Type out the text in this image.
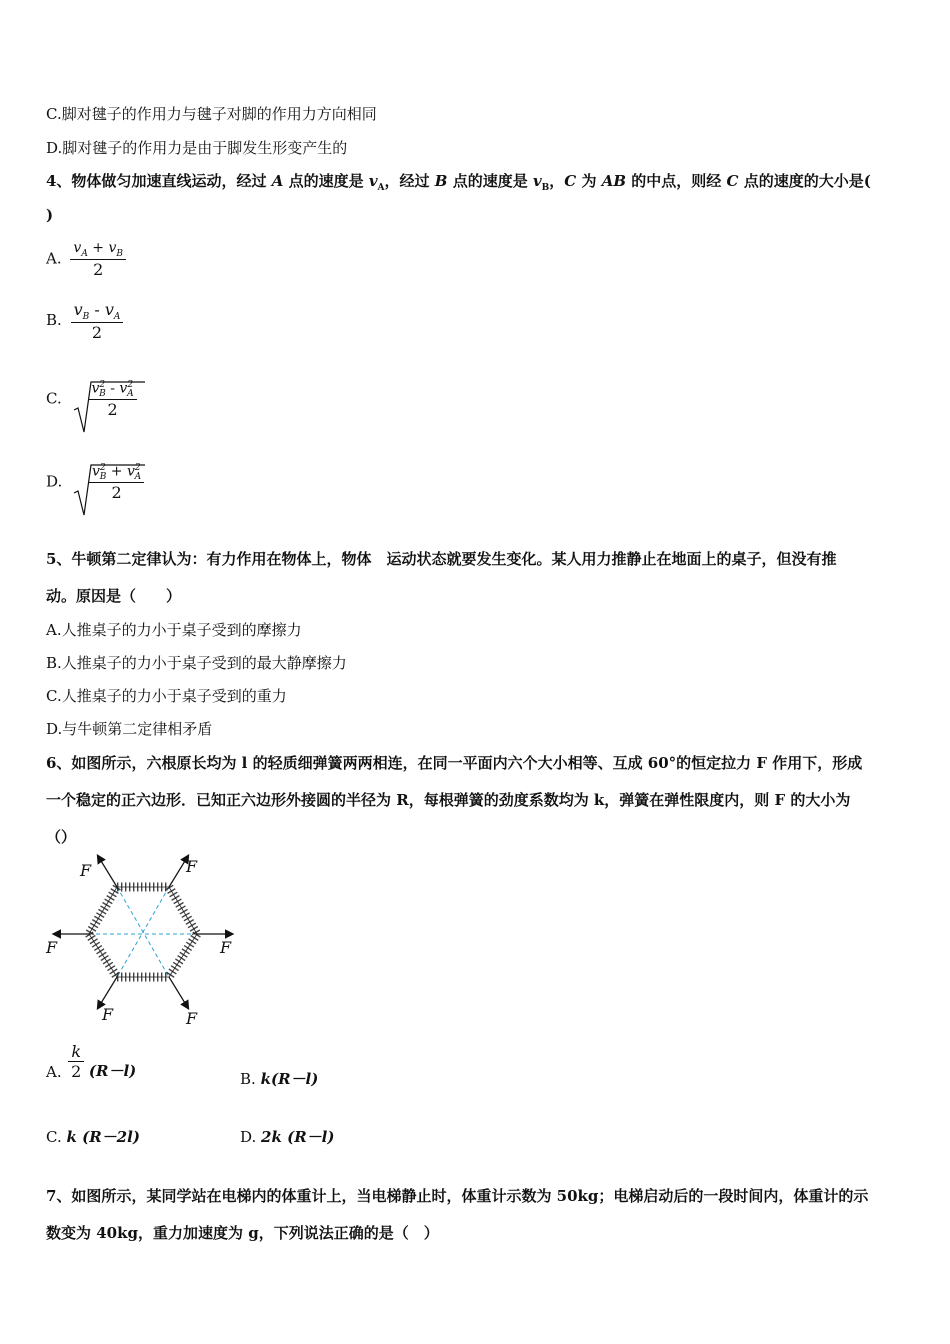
C.脚对毽子的作用力与毽子对脚的作用力方向相同
D.脚对毽子的作用力是由于脚发生形变产生的
4、物体做匀加速直线运动，经过 A 点的速度是 $v_A$，经过 B 点的速度是 $v_B$，C 为 AB 的中点，则经 C 点的速度的大小是(
)
A. $\frac{v_A + v_B}{2}$
B. $\frac{v_B - v_A}{2}$
C. $\frac{v^2_B - v^2_A}{2}$
D. $\frac{v^2_B + v^2_A}{2}$
5、牛顿第二定律认为：有力作用在物体上，物体　运动状态就要发生变化。某人用力推静止在地面上的桌子，但没有推
动。原因是（　　）
A.人推桌子的力小于桌子受到的摩擦力
B.人推桌子的力小于桌子受到的最大静摩擦力
C.人推桌子的力小于桌子受到的重力
D.与牛顿第二定律相矛盾
6、如图所示，六根原长均为 l 的轻质细弹簧两两相连，在同一平面内六个大小相等、互成 60°的恒定拉力 F 作用下，形成
一个稳定的正六边形．已知正六边形外接圆的半径为 R，每根弹簧的劲度系数均为 k，弹簧在弹性限度内，则 F 的大小为
（）
F	F
F	F
F	F
A. $\frac{k}{2} (R-l)$	B. k(R－l)
C. k (R－2l)	D. 2k (R－l)
7、如图所示，某同学站在电梯内的体重计上，当电梯静止时，体重计示数为 50kg；电梯启动后的一段时间内，体重计的示
数变为 40kg，重力加速度为 g，下列说法正确的是（　）
